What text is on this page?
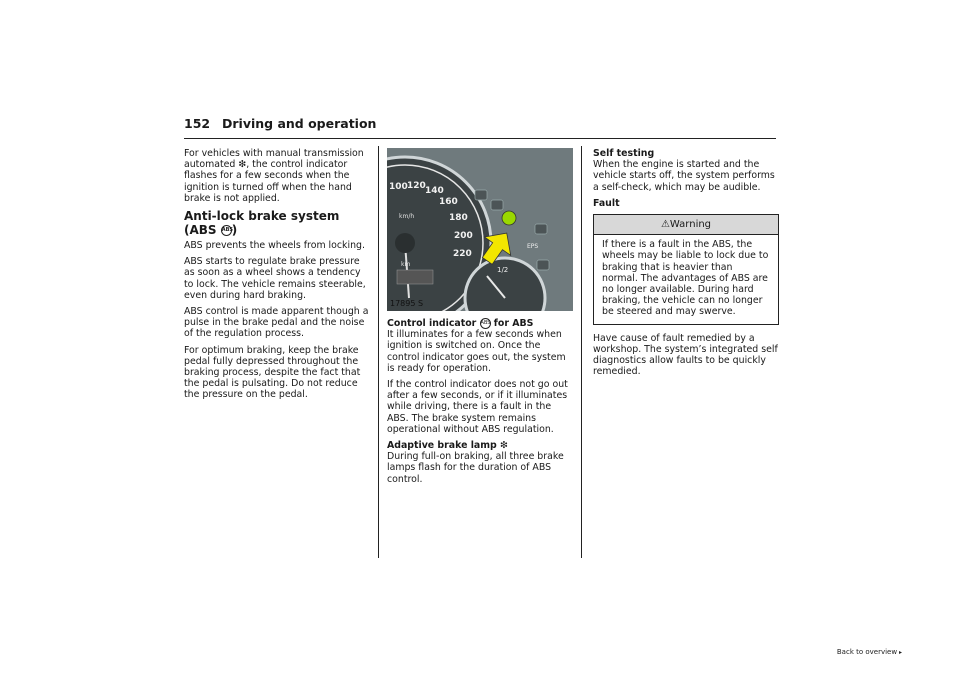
152 Driving and operation

For vehicles with manual transmission automated ❇, the control indicator flashes for a few seconds when the ignition is turned off when the hand brake is not applied.

Anti-lock brake system (ABS ABS)

ABS prevents the wheels from locking.

ABS starts to regulate brake pressure as soon as a wheel shows a tendency to lock. The vehicle remains steerable, even during hard braking.

ABS control is made apparent though a pulse in the brake pedal and the noise of the regulation process.

For optimum braking, keep the brake pedal fully depressed throughout the braking process, despite the fact that the pedal is pulsating. Do not reduce the pressure on the pedal.

100 120 140
160
180
200
220
km/h
km
1/2
EPS
17895 S

Control indicator ABS for ABS
It illuminates for a few seconds when ignition is switched on. Once the control indicator goes out, the system is ready for operation.

If the control indicator does not go out after a few seconds, or if it illuminates while driving, there is a fault in the ABS. The brake system remains operational without ABS regulation.

Adaptive brake lamp ❇
During full-on braking, all three brake lamps flash for the duration of ABS control.

Self testing
When the engine is started and the vehicle starts off, the system performs a self-check, which may be audible.

Fault

⚠Warning
If there is a fault in the ABS, the wheels may be liable to lock due to braking that is heavier than normal. The advantages of ABS are no longer available. During hard braking, the vehicle can no longer be steered and may swerve.

Have cause of fault remedied by a workshop. The system’s integrated self diagnostics allow faults to be quickly remedied.

Back to overview ▸
